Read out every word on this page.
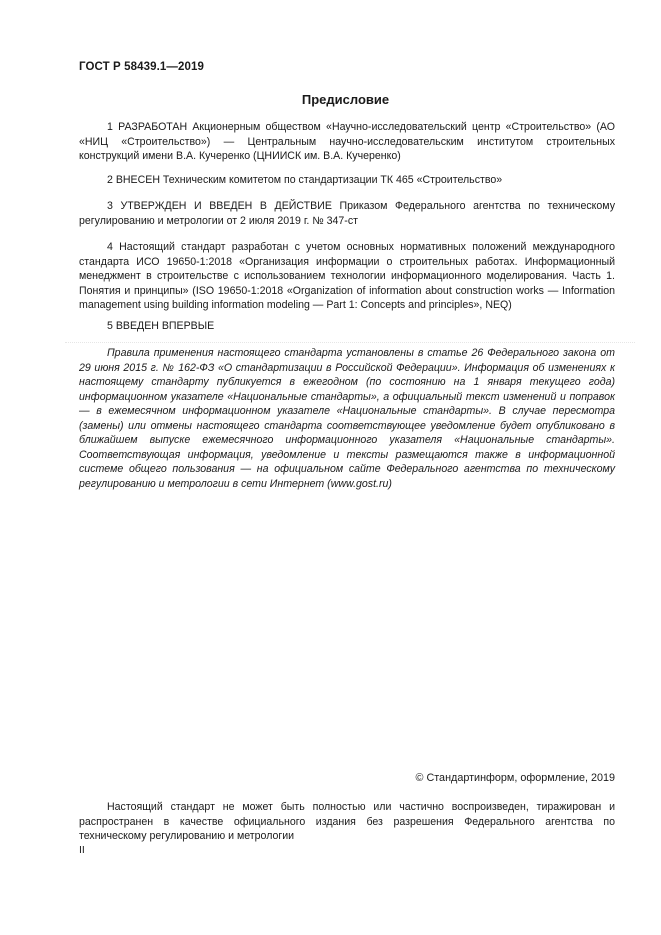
ГОСТ Р 58439.1—2019
Предисловие

1 РАЗРАБОТАН Акционерным обществом «Научно-исследовательский центр «Строительство» (АО «НИЦ «Строительство») — Центральным научно-исследовательским институтом строительных конструкций имени В.А. Кучеренко (ЦНИИСК им. В.А. Кучеренко)

2 ВНЕСЕН Техническим комитетом по стандартизации ТК 465 «Строительство»

3 УТВЕРЖДЕН И ВВЕДЕН В ДЕЙСТВИЕ Приказом Федерального агентства по техническому регулированию и метрологии от 2 июля 2019 г. № 347-ст

4 Настоящий стандарт разработан с учетом основных нормативных положений международного стандарта ИСО 19650-1:2018 «Организация информации о строительных работах. Информационный менеджмент в строительстве с использованием технологии информационного моделирования. Часть 1. Понятия и принципы» (ISO 19650-1:2018 «Organization of information about construction works — Information management using building information modeling — Part 1: Concepts and principles», NEQ)

5 ВВЕДЕН ВПЕРВЫЕ

Правила применения настоящего стандарта установлены в статье 26 Федерального закона от 29 июня 2015 г. № 162-ФЗ «О стандартизации в Российской Федерации». Информация об изменениях к настоящему стандарту публикуется в ежегодном (по состоянию на 1 января текущего года) информационном указателе «Национальные стандарты», а официальный текст изменений и поправок — в ежемесячном информационном указателе «Национальные стандарты». В случае пересмотра (замены) или отмены настоящего стандарта соответствующее уведомление будет опубликовано в ближайшем выпуске ежемесячного информационного указателя «Национальные стандарты». Соответствующая информация, уведомление и тексты размещаются также в информационной системе общего пользования — на официальном сайте Федерального агентства по техническому регулированию и метрологии в сети Интернет (www.gost.ru)

© Стандартинформ, оформление, 2019

Настоящий стандарт не может быть полностью или частично воспроизведен, тиражирован и распространен в качестве официального издания без разрешения Федерального агентства по техническому регулированию и метрологии

II
